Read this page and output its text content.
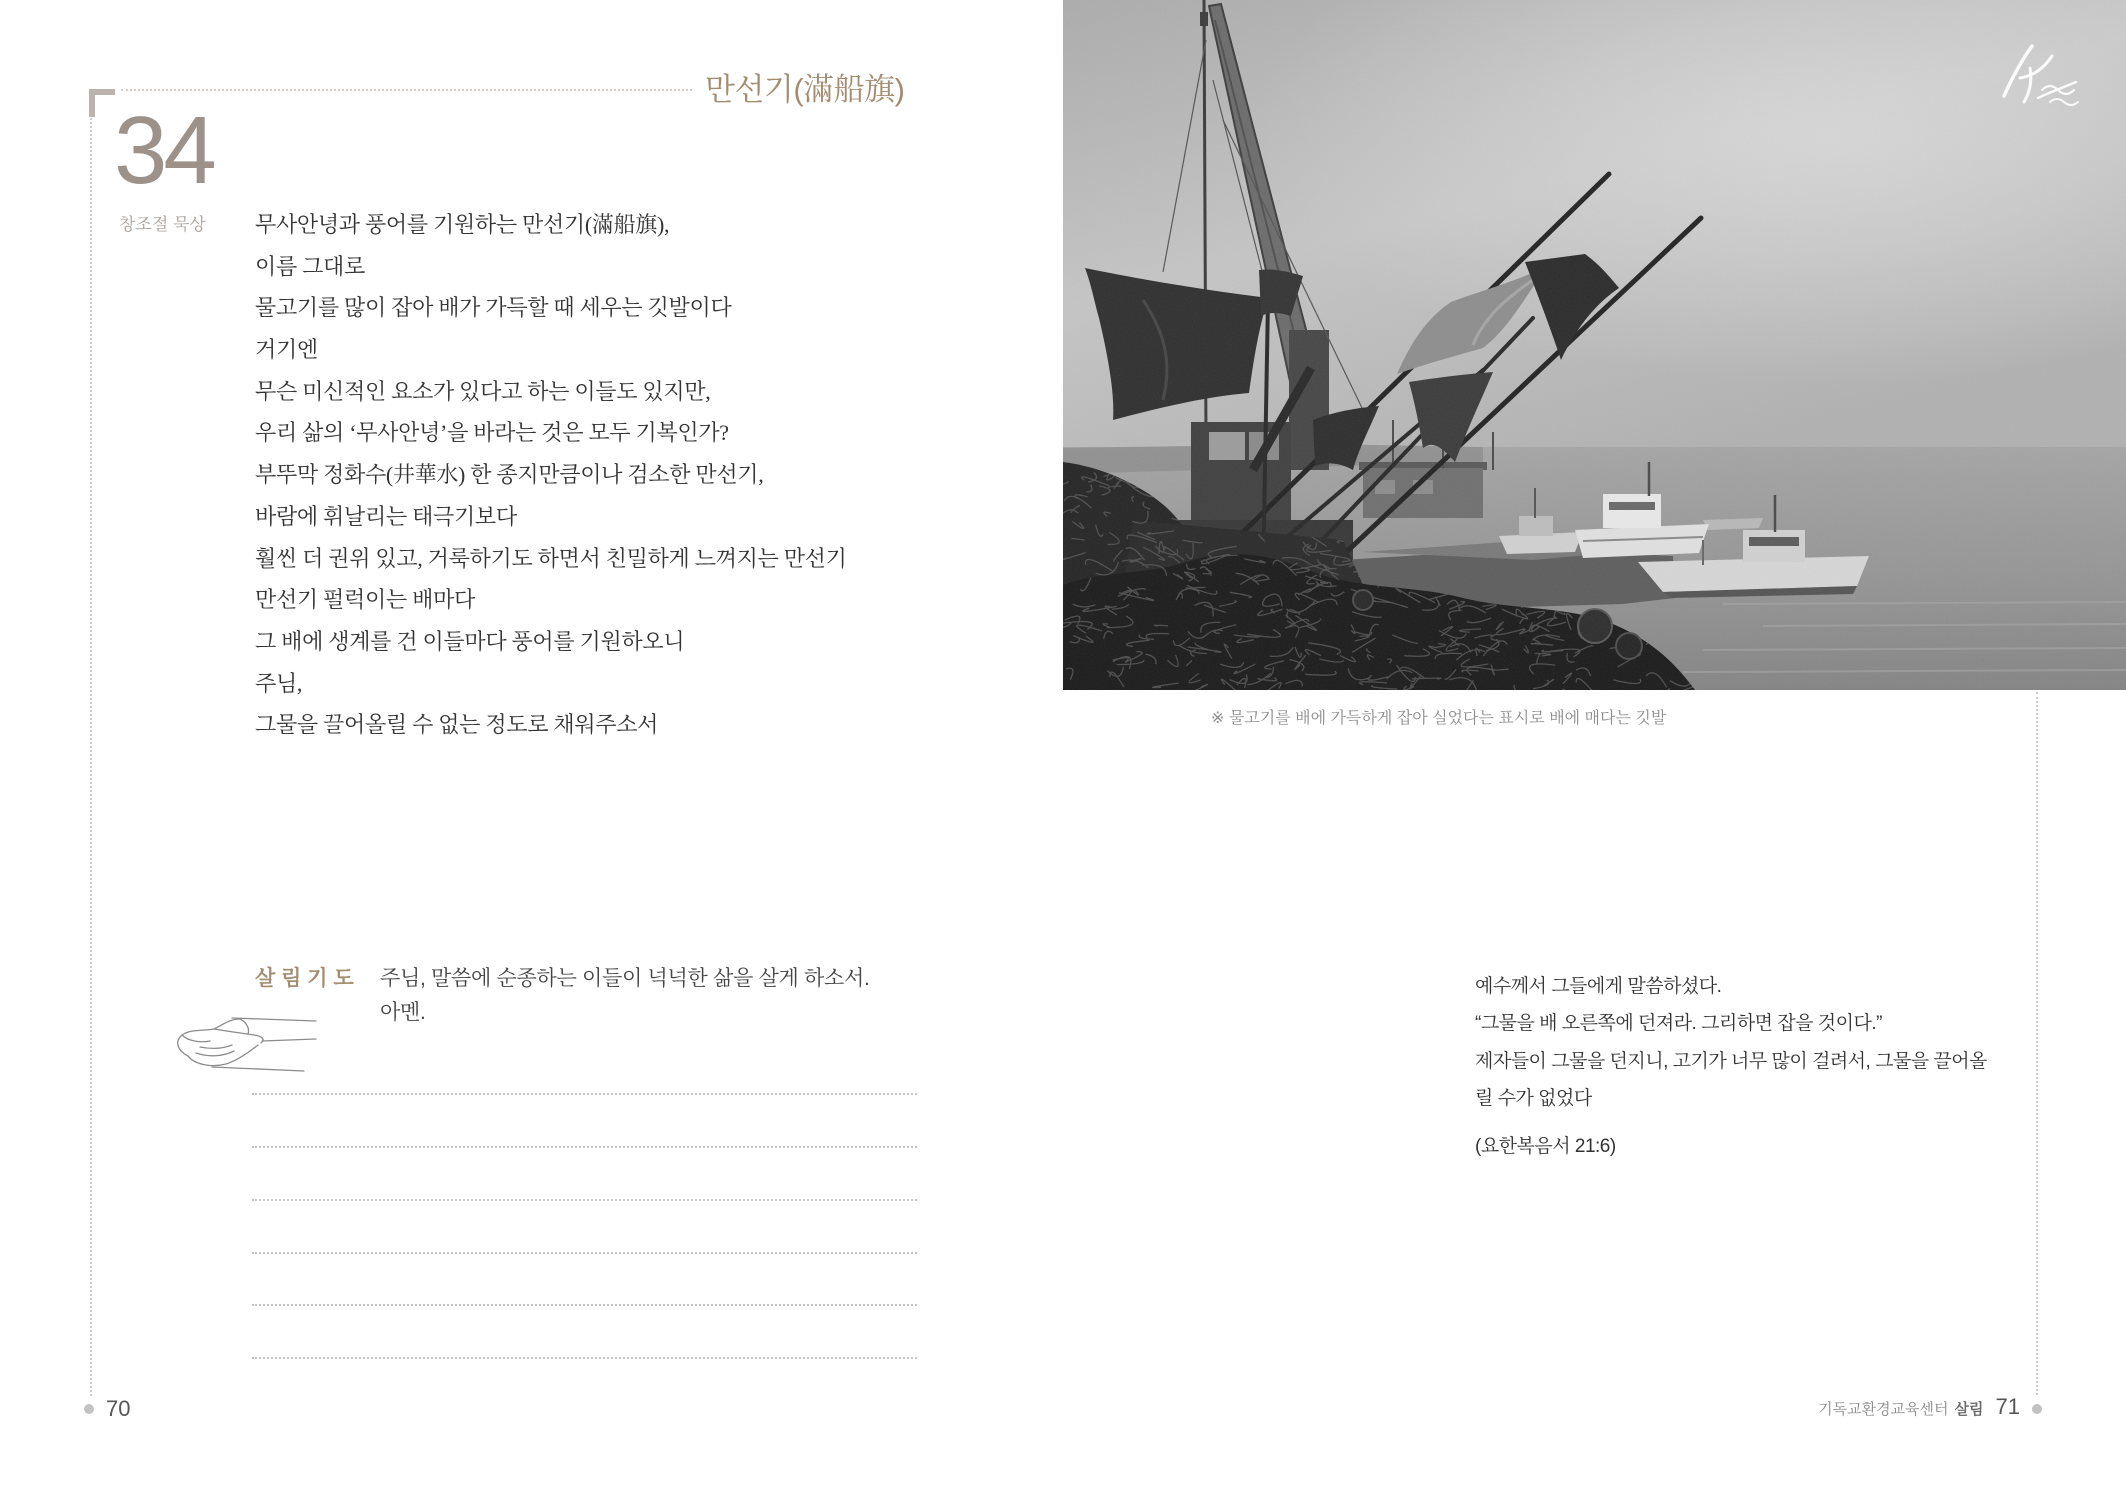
만선기(滿船旗)
34
창조절 묵상 무사안녕과 풍어를 기원하는 만선기(滿船旗),
이름 그대로
물고기를 많이 잡아 배가 가득할 때 세우는 깃발이다
거기엔
무슨 미신적인 요소가 있다고 하는 이들도 있지만,
우리 삶의 ‘무사안녕’을 바라는 것은 모두 기복인가?
부뚜막 정화수(井華水) 한 종지만큼이나 검소한 만선기,
바람에 휘날리는 태극기보다
훨씬 더 권위 있고, 거룩하기도 하면서 친밀하게 느껴지는 만선기
만선기 펄럭이는 배마다
그 배에 생계를 건 이들마다 풍어를 기원하오니
주님,
그물을 끌어올릴 수 없는 정도로 채워주소서
살 림 기 도 주님, 말씀에 순종하는 이들이 넉넉한 삶을 살게 하소서.
아멘.
70
※ 물고기를 배에 가득하게 잡아 실었다는 표시로 배에 매다는 깃발
예수께서 그들에게 말씀하셨다.
“그물을 배 오른쪽에 던져라. 그리하면 잡을 것이다.”
제자들이 그물을 던지니, 고기가 너무 많이 걸려서, 그물을 끌어올
릴 수가 없었다
(요한복음서 21:6)
기독교환경교육센터 살림 71
